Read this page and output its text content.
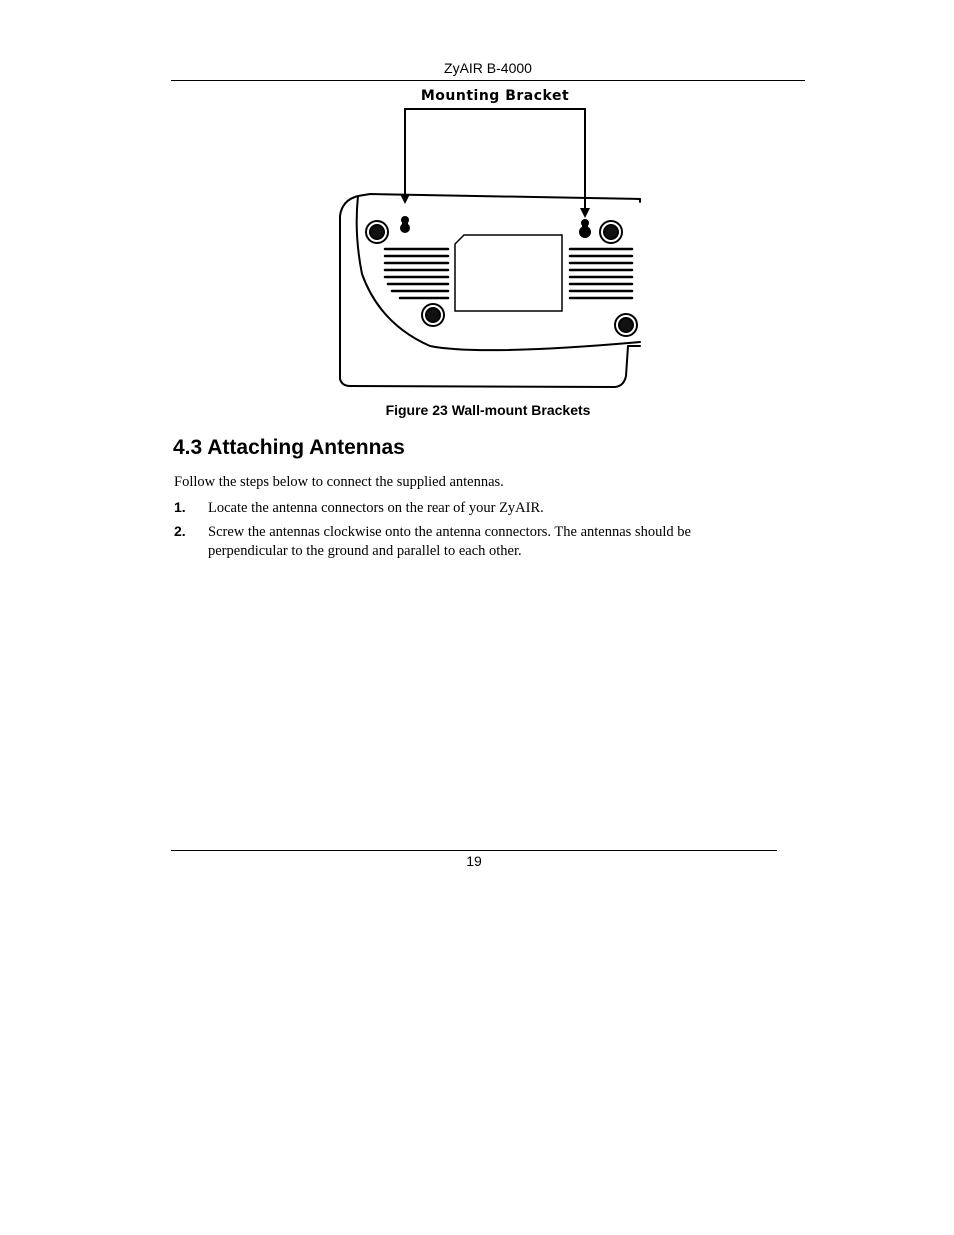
ZyAIR B-4000
Mounting Bracket
Figure 23 Wall-mount Brackets
4.3 Attaching Antennas

Follow the steps below to connect the supplied antennas.

1. Locate the antenna connectors on the rear of your ZyAIR.

2. Screw the antennas clockwise onto the antenna connectors. The antennas should be perpendicular to the ground and parallel to each other.

19
